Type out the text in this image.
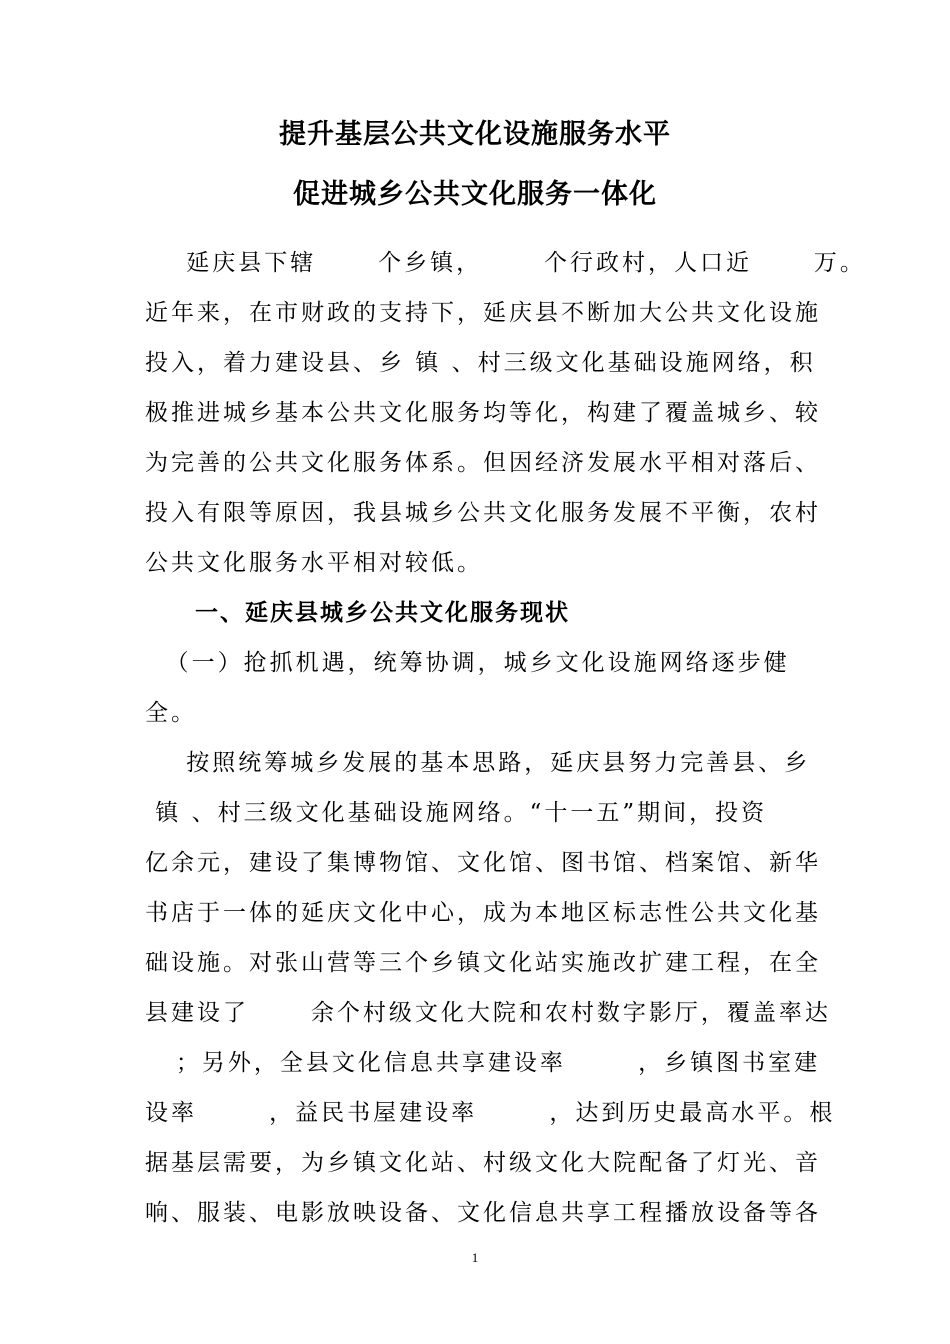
提升基层公共文化设施服务水平
促进城乡公共文化服务一体化
延庆县下辖      个乡镇，      个行政村，人口近      万。
近年来，在市财政的支持下，延庆县不断加大公共文化设施
投入，着力建设县、乡 镇 、村三级文化基础设施网络，积
极推进城乡基本公共文化服务均等化，构建了覆盖城乡、较
为完善的公共文化服务体系。但因经济发展水平相对落后、
投入有限等原因，我县城乡公共文化服务发展不平衡，农村
公共文化服务水平相对较低。
一、延庆县城乡公共文化服务现状
（一）抢抓机遇，统筹协调，城乡文化设施网络逐步健
全。
按照统筹城乡发展的基本思路，延庆县努力完善县、乡
镇 、村三级文化基础设施网络。“十一五”期间，投资
亿余元，建设了集博物馆、文化馆、图书馆、档案馆、新华
书店于一体的延庆文化中心，成为本地区标志性公共文化基
础设施。对张山营等三个乡镇文化站实施改扩建工程，在全
县建设了      余个村级文化大院和农村数字影厅，覆盖率达
；另外，全县文化信息共享建设率       ，乡镇图书室建
设率       ，益民书屋建设率       ，达到历史最高水平。根
据基层需要，为乡镇文化站、村级文化大院配备了灯光、音
响、服装、电影放映设备、文化信息共享工程播放设备等各
1
